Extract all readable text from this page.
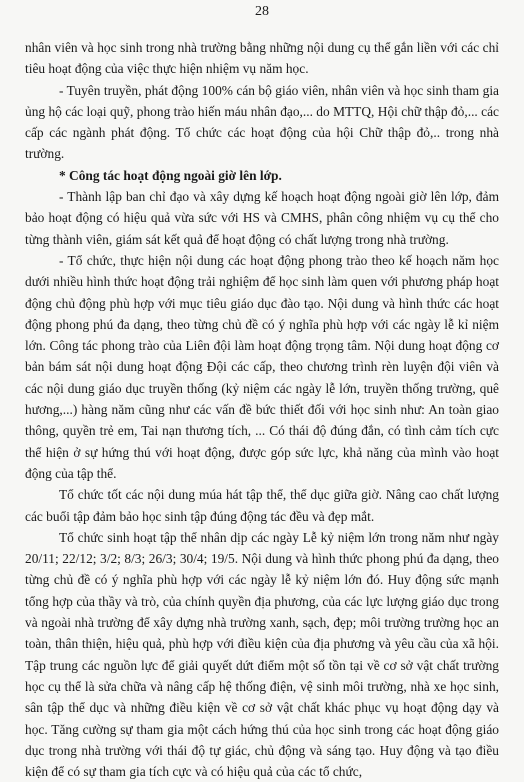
28

nhân viên và học sinh trong nhà trường bằng những nội dung cụ thể gắn liền với các chỉ tiêu hoạt động của việc thực hiện nhiệm vụ năm học.

- Tuyên truyền, phát động 100% cán bộ giáo viên, nhân viên và học sinh tham gia ủng hộ các loại quỹ, phong trào hiến máu nhân đạo,... do MTTQ, Hội chữ thập đỏ,... các cấp các ngành phát động. Tổ chức các hoạt động của hội Chữ thập đỏ,.. trong nhà trường.

* Công tác hoạt động ngoài giờ lên lớp.

- Thành lập ban chỉ đạo và xây dựng kế hoạch hoạt động ngoài giờ lên lớp, đảm bảo hoạt động có hiệu quả vừa sức với HS và CMHS, phân công nhiệm vụ cụ thể cho từng thành viên, giám sát kết quả để hoạt động có chất lượng trong nhà trường.

- Tổ chức, thực hiện nội dung các hoạt động phong trào theo kế hoạch năm học dưới nhiều hình thức hoạt động trải nghiệm để học sinh làm quen với phương pháp hoạt động chủ động phù hợp với mục tiêu giáo dục đào tạo. Nội dung và hình thức các hoạt động phong phú đa dạng, theo từng chủ đề có ý nghĩa phù hợp với các ngày lễ kỉ niệm lớn. Công tác phong trào của Liên đội làm hoạt động trọng tâm. Nội dung hoạt động cơ bản bám sát nội dung hoạt động Đội các cấp, theo chương trình rèn luyện đội viên và các nội dung giáo dục truyền thống (kỷ niệm các ngày lễ lớn, truyền thống trường, quê hương,...) hàng năm cũng như các vấn đề bức thiết đối với học sinh như: An toàn giao thông, quyền trẻ em, Tai nạn thương tích, ... Có thái độ đúng đắn, có tình cảm tích cực thể hiện ở sự hứng thú với hoạt động, được góp sức lực, khả năng của mình vào hoạt động của tập thể.

Tổ chức tốt các nội dung múa hát tập thể, thể dục giữa giờ. Nâng cao chất lượng các buổi tập đảm bảo học sinh tập đúng động tác đều và đẹp mắt.

Tổ chức sinh hoạt tập thể nhân dịp các ngày Lễ kỷ niệm lớn trong năm như ngày 20/11; 22/12; 3/2; 8/3; 26/3; 30/4; 19/5. Nội dung và hình thức phong phú đa dạng, theo từng chủ đề có ý nghĩa phù hợp với các ngày lễ kỷ niệm lớn đó. Huy động sức mạnh tổng hợp của thầy và trò, của chính quyền địa phương, của các lực lượng giáo dục trong và ngoài nhà trường để xây dựng nhà trường xanh, sạch, đẹp; môi trường trường học an toàn, thân thiện, hiệu quả, phù hợp với điều kiện của địa phương và yêu cầu của xã hội. Tập trung các nguồn lực để giải quyết dứt điểm một số tồn tại về cơ sở vật chất trường học cụ thể là sửa chữa và nâng cấp hệ thống điện, vệ sinh môi trường, nhà xe học sinh, sân tập thể dục và những điều kiện về cơ sở vật chất khác phục vụ hoạt động dạy và học. Tăng cường sự tham gia một cách hứng thú của học sinh trong các hoạt động giáo dục trong nhà trường với thái độ tự giác, chủ động và sáng tạo. Huy động và tạo điều kiện để có sự tham gia tích cực và có hiệu quả của các tổ chức,
